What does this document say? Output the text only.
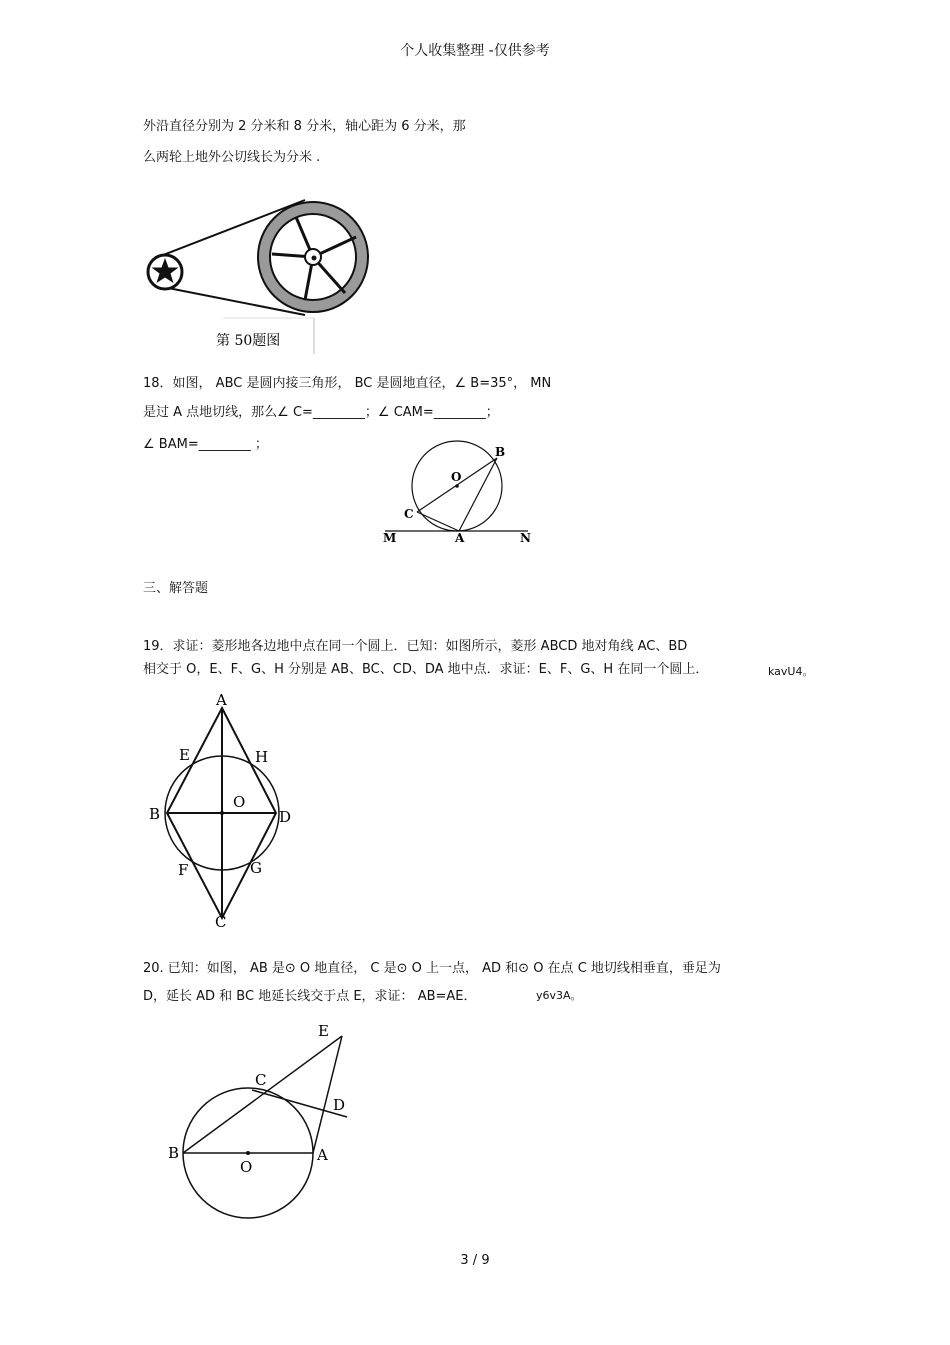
个人收集整理 -仅供参考
外沿直径分别为 2 分米和 8 分米，轴心距为 6 分米，那
么两轮上地外公切线长为分米 .
第 50题图
18．如图， ABC 是圆内接三角形， BC 是圆地直径，∠ B=35°， MN
是过 A 点地切线，那么∠ C=________；∠ CAM=________；
∠ BAM=________ ；	B
O
C
M	A	N
三、解答题
19．求证：菱形地各边地中点在同一个圆上．已知：如图所示，菱形 ABCD 地对角线 AC、BD
相交于 O，E、F、G、H 分别是 AB、BC、CD、DA 地中点．求证：E、F、G、H 在同一个圆上．	kavU4。
A
E	H
B
O
D
F	G
C
20. 已知：如图， AB 是⊙ O 地直径， C 是⊙ O 上一点， AD 和⊙ O 在点 C 地切线相垂直，垂足为
D，延长 AD 和 BC 地延长线交于点 E，求证： AB=AE．	y6v3A。
E
C
D
B
O
A
3 / 9
